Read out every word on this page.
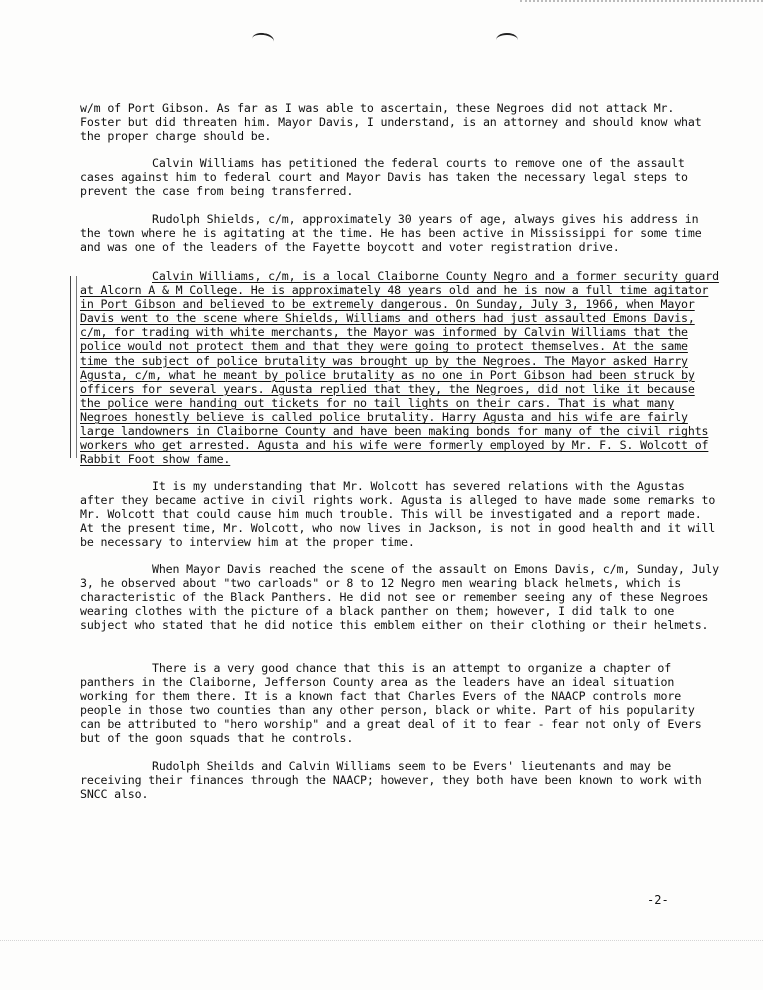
w/m of Port Gibson. As far as I was able to ascertain, these Negroes did not attack Mr. Foster but did threaten him. Mayor Davis, I understand, is an attorney and should know what the proper charge should be.

Calvin Williams has petitioned the federal courts to remove one of the assault cases against him to federal court and Mayor Davis has taken the necessary legal steps to prevent the case from being transferred.

Rudolph Shields, c/m, approximately 30 years of age, always gives his address in the town where he is agitating at the time. He has been active in Mississippi for some time and was one of the leaders of the Fayette boycott and voter registration drive.

Calvin Williams, c/m, is a local Claiborne County Negro and a former security guard at Alcorn A & M College. He is approximately 48 years old and he is now a full time agitator in Port Gibson and believed to be extremely dangerous. On Sunday, July 3, 1966, when Mayor Davis went to the scene where Shields, Williams and others had just assaulted Emons Davis, c/m, for trading with white merchants, the Mayor was informed by Calvin Williams that the police would not protect them and that they were going to protect themselves. At the same time the subject of police brutality was brought up by the Negroes. The Mayor asked Harry Agusta, c/m, what he meant by police brutality as no one in Port Gibson had been struck by officers for several years. Agusta replied that they, the Negroes, did not like it because the police were handing out tickets for no tail lights on their cars. That is what many Negroes honestly believe is called police brutality. Harry Agusta and his wife are fairly large landowners in Claiborne County and have been making bonds for many of the civil rights workers who get arrested. Agusta and his wife were formerly employed by Mr. F. S. Wolcott of Rabbit Foot show fame.

It is my understanding that Mr. Wolcott has severed relations with the Agustas after they became active in civil rights work. Agusta is alleged to have made some remarks to Mr. Wolcott that could cause him much trouble. This will be investigated and a report made. At the present time, Mr. Wolcott, who now lives in Jackson, is not in good health and it will be necessary to interview him at the proper time.

When Mayor Davis reached the scene of the assault on Emons Davis, c/m, Sunday, July 3, he observed about "two carloads" or 8 to 12 Negro men wearing black helmets, which is characteristic of the Black Panthers. He did not see or remember seeing any of these Negroes wearing clothes with the picture of a black panther on them; however, I did talk to one subject who stated that he did notice this emblem either on their clothing or their helmets.

There is a very good chance that this is an attempt to organize a chapter of panthers in the Claiborne, Jefferson County area as the leaders have an ideal situation working for them there. It is a known fact that Charles Evers of the NAACP controls more people in those two counties than any other person, black or white. Part of his popularity can be attributed to "hero worship" and a great deal of it to fear - fear not only of Evers but of the goon squads that he controls.

Rudolph Sheilds and Calvin Williams seem to be Evers' lieutenants and may be receiving their finances through the NAACP; however, they both have been known to work with SNCC also.

-2-
